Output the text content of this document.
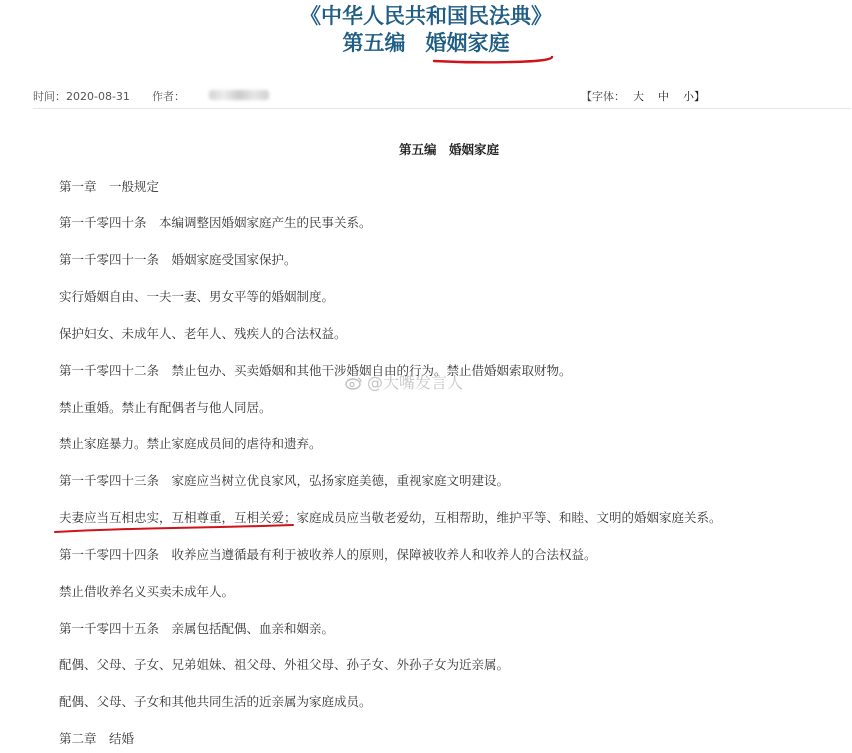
《中华人民共和国民法典》
第五编 婚姻家庭
时间：2020-08-31 作者：	【字体： 大 中 小】
第五编　婚姻家庭
第一章　一般规定
第一千零四十条　本编调整因婚姻家庭产生的民事关系。
第一千零四十一条　婚姻家庭受国家保护。
实行婚姻自由、一夫一妻、男女平等的婚姻制度。
保护妇女、未成年人、老年人、残疾人的合法权益。
第一千零四十二条　禁止包办、买卖婚姻和其他干涉婚姻自由的行为。禁止借婚姻索取财物。
禁止重婚。禁止有配偶者与他人同居。
禁止家庭暴力。禁止家庭成员间的虐待和遗弃。
第一千零四十三条　家庭应当树立优良家风，弘扬家庭美德，重视家庭文明建设。
夫妻应当互相忠实，互相尊重，互相关爱；家庭成员应当敬老爱幼，互相帮助，维护平等、和睦、文明的婚姻家庭关系。
第一千零四十四条　收养应当遵循最有利于被收养人的原则，保障被收养人和收养人的合法权益。
禁止借收养名义买卖未成年人。
第一千零四十五条　亲属包括配偶、血亲和姻亲。
配偶、父母、子女、兄弟姐妹、祖父母、外祖父母、孙子女、外孙子女为近亲属。
配偶、父母、子女和其他共同生活的近亲属为家庭成员。
第二章　结婚
@大嘴发言人
